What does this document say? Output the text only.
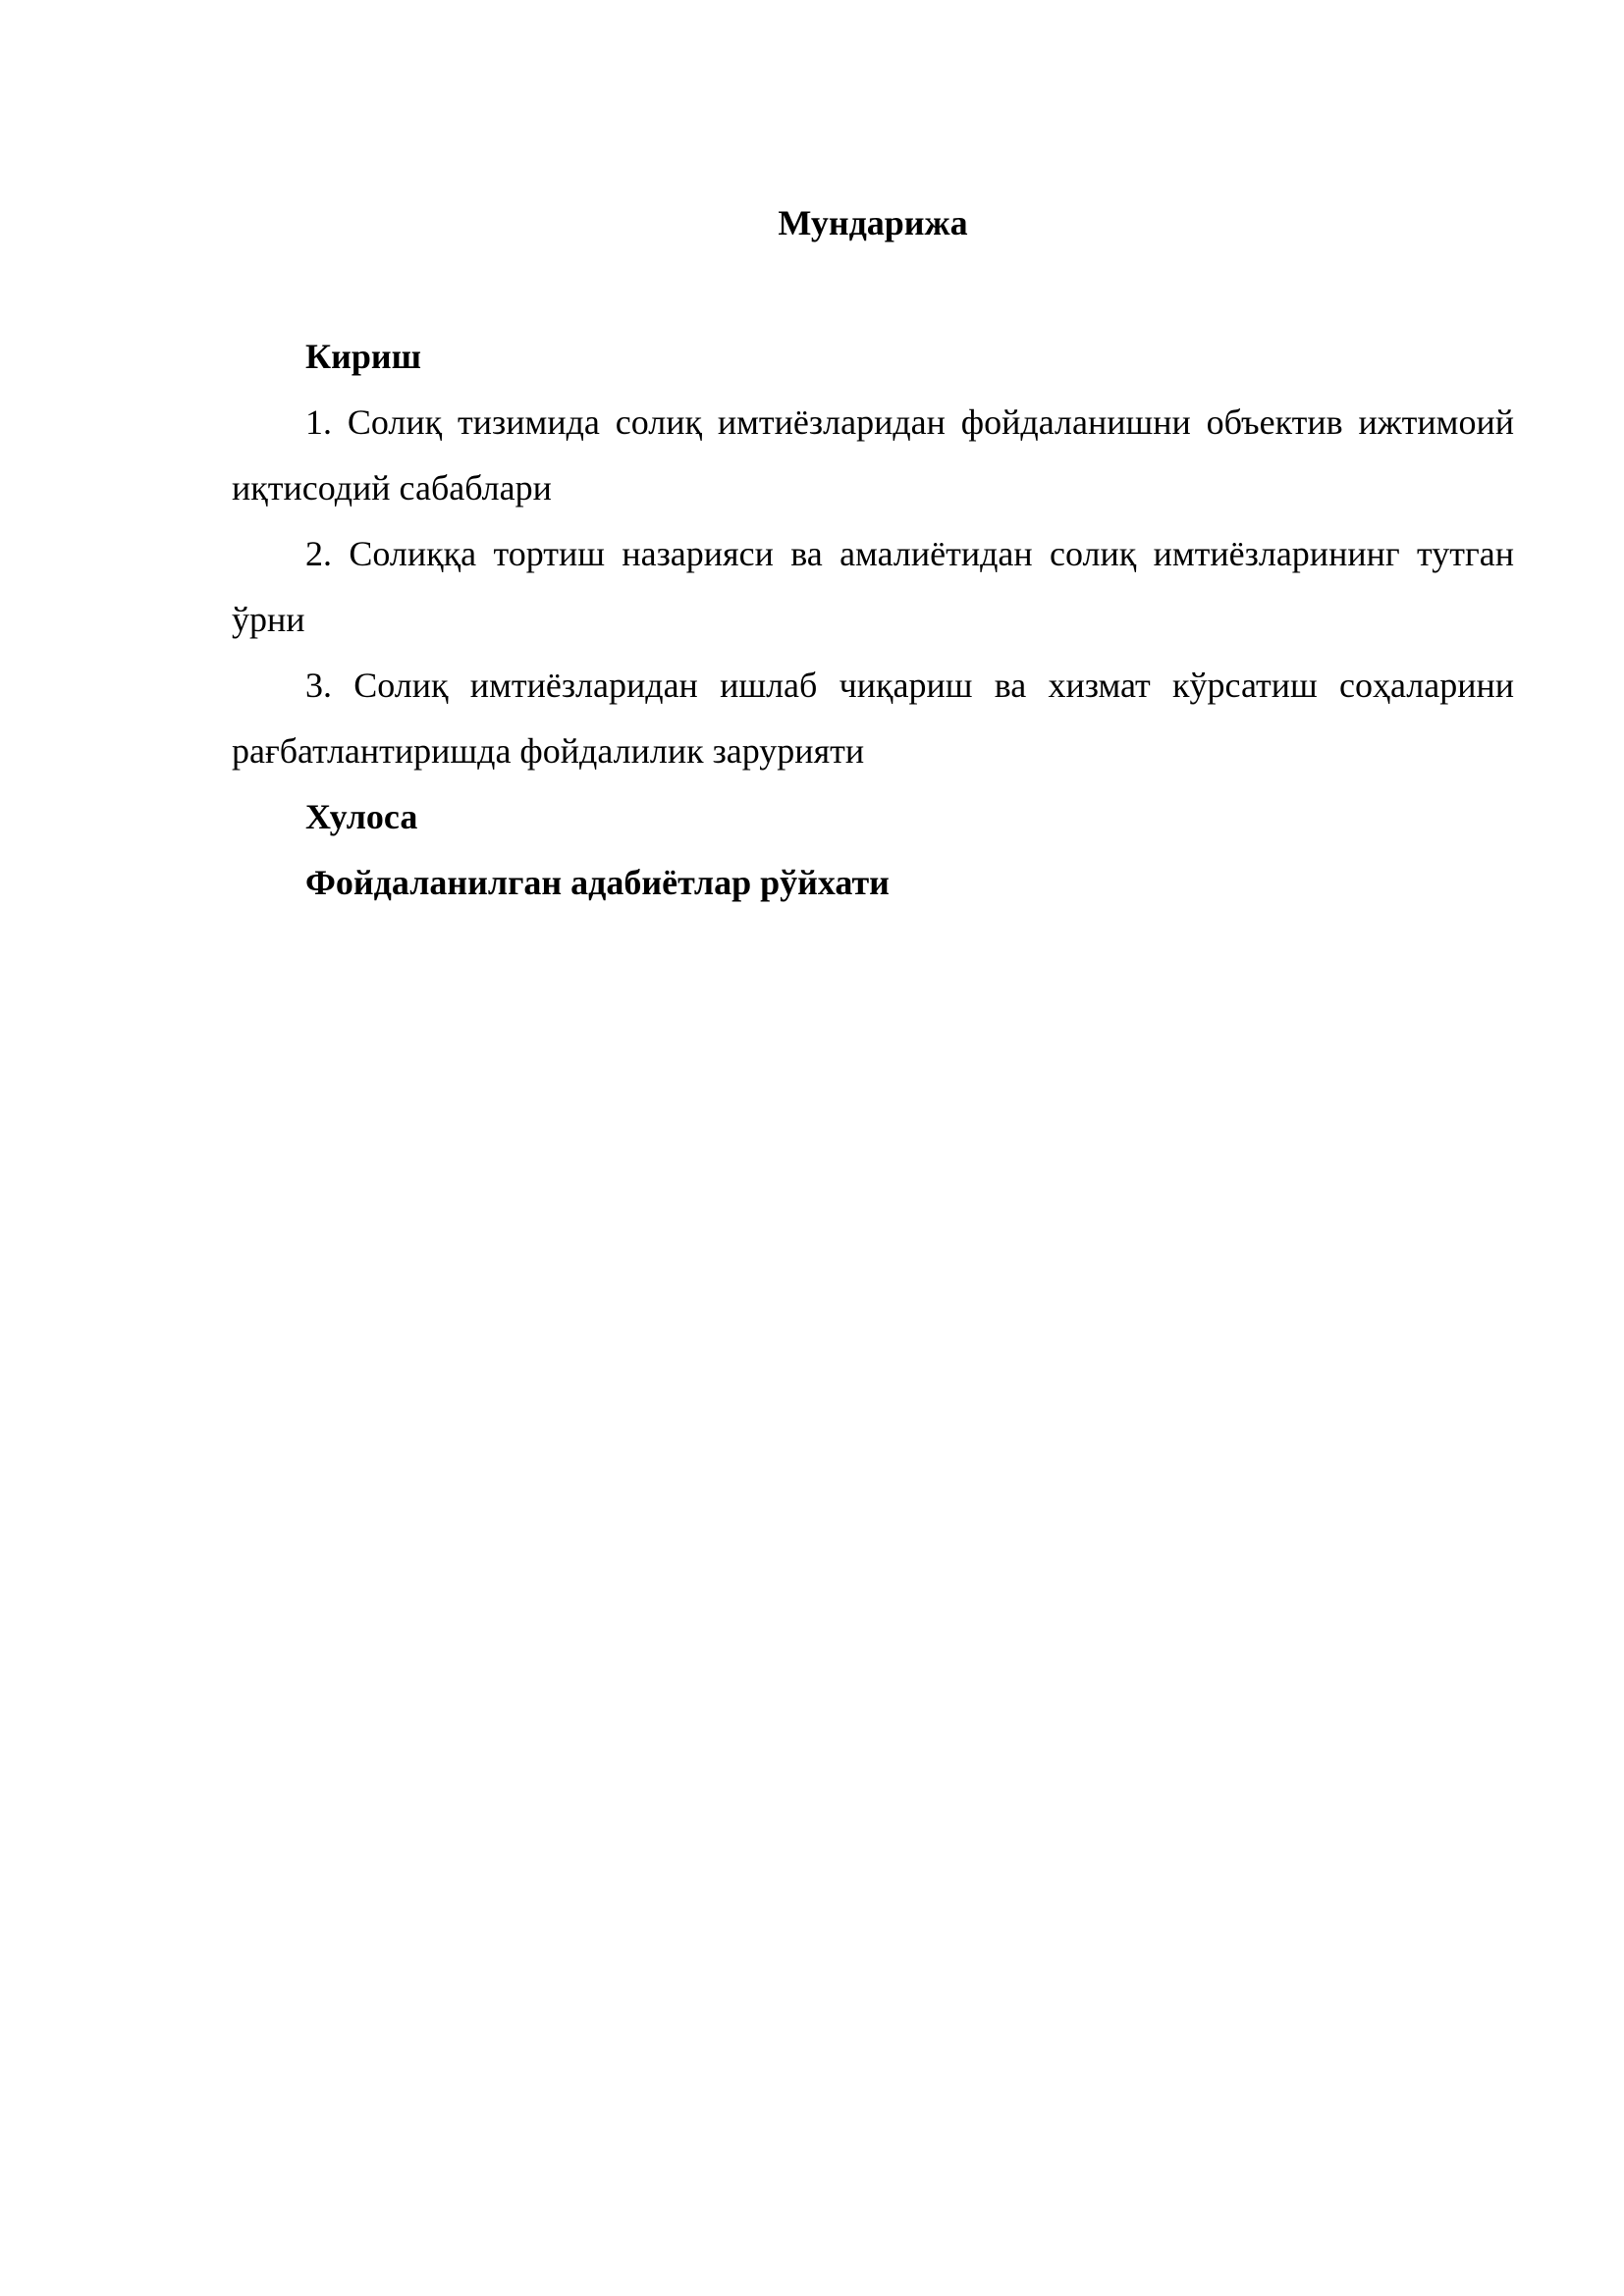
Мундарижа

Кириш

1. Солиқ тизимида солиқ имтиёзларидан фойдаланишни объектив ижтимоий иқтисодий сабаблари

2. Солиққа тортиш назарияси ва амалиётидан солиқ имтиёзларининг тутган ўрни

3. Солиқ имтиёзларидан ишлаб чиқариш ва хизмат кўрсатиш соҳаларини рағбатлантиришда фойдалилик зарурияти

Хулоса

Фойдаланилган адабиётлар рўйхати
